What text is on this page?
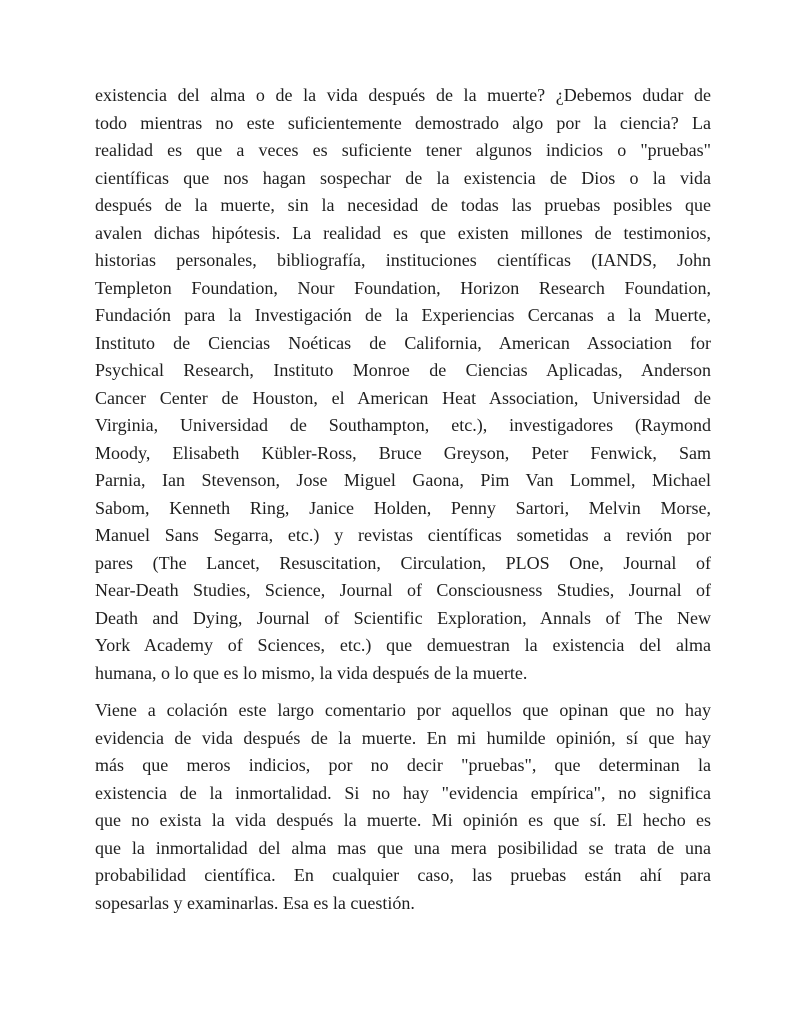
existencia del alma o de la vida después de la muerte? ¿Debemos dudar de
todo mientras no este suficientemente demostrado algo por la ciencia? La
realidad es que a veces es suficiente tener algunos indicios o "pruebas"
científicas que nos hagan sospechar de la existencia de Dios o la vida
después de la muerte, sin la necesidad de todas las pruebas posibles que
avalen dichas hipótesis. La realidad es que existen millones de testimonios,
historias personales, bibliografía, instituciones científicas (IANDS, John
Templeton Foundation, Nour Foundation, Horizon Research Foundation,
Fundación para la Investigación de la Experiencias Cercanas a la Muerte,
Instituto de Ciencias Noéticas de California, American Association for
Psychical Research, Instituto Monroe de Ciencias Aplicadas, Anderson
Cancer Center de Houston, el American Heat Association, Universidad de
Virginia, Universidad de Southampton, etc.), investigadores (Raymond
Moody, Elisabeth Kübler-Ross, Bruce Greyson, Peter Fenwick, Sam
Parnia, Ian Stevenson, Jose Miguel Gaona, Pim Van Lommel, Michael
Sabom, Kenneth Ring, Janice Holden, Penny Sartori, Melvin Morse,
Manuel Sans Segarra, etc.) y revistas científicas sometidas a revión por
pares (The Lancet, Resuscitation, Circulation, PLOS One, Journal of
Near-Death Studies, Science, Journal of Consciousness Studies, Journal of
Death and Dying, Journal of Scientific Exploration, Annals of The New
York Academy of Sciences, etc.) que demuestran la existencia del alma
humana, o lo que es lo mismo, la vida después de la muerte.

Viene a colación este largo comentario por aquellos que opinan que no hay
evidencia de vida después de la muerte. En mi humilde opinión, sí que hay
más que meros indicios, por no decir "pruebas", que determinan la
existencia de la inmortalidad. Si no hay "evidencia empírica", no significa
que no exista la vida después la muerte. Mi opinión es que sí. El hecho es
que la inmortalidad del alma mas que una mera posibilidad se trata de una
probabilidad científica. En cualquier caso, las pruebas están ahí para
sopesarlas y examinarlas. Esa es la cuestión.
